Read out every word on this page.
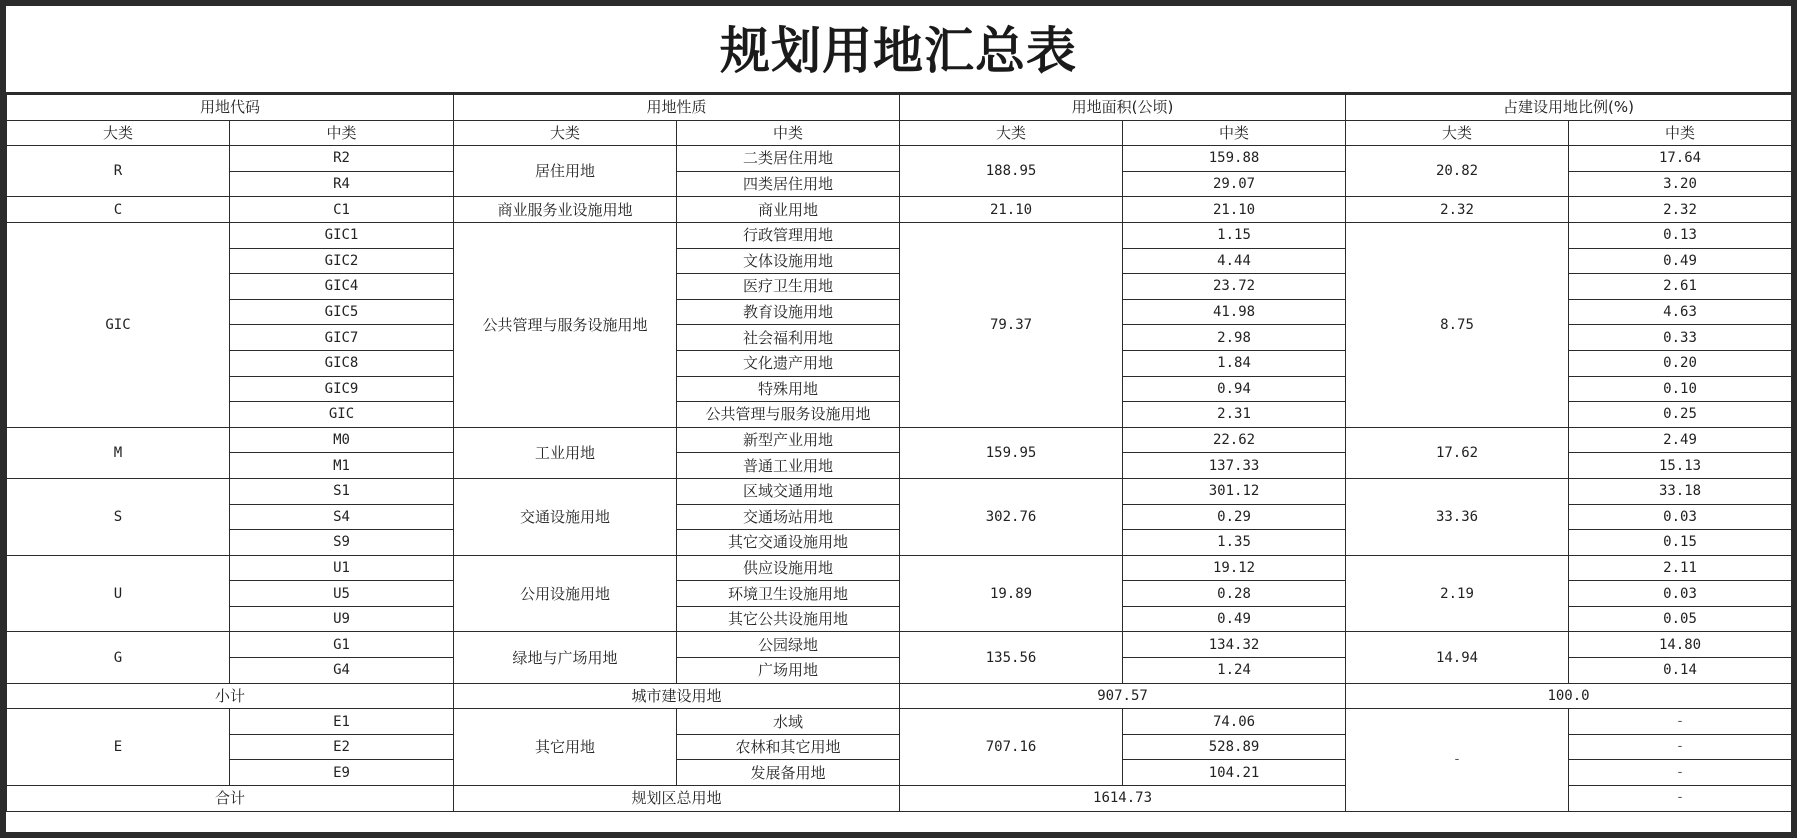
规划用地汇总表
用地代码		用地性质		用地面积(公顷)		占建设用地比例(%)	
大类	中类	大类	中类	大类	中类	大类	中类
R	R2	居住用地	二类居住用地	188.95	159.88	20.82	17.64
	R4		四类居住用地		29.07		3.20
C	C1	商业服务业设施用地	商业用地	21.10	21.10	2.32	2.32
GIC	GIC1	公共管理与服务设施用地	行政管理用地	79.37	1.15	8.75	0.13
	GIC2		文体设施用地		4.44		0.49
	GIC4		医疗卫生用地		23.72		2.61
	GIC5		教育设施用地		41.98		4.63
	GIC7		社会福利用地		2.98		0.33
	GIC8		文化遗产用地		1.84		0.20
	GIC9		特殊用地		0.94		0.10
	GIC		公共管理与服务设施用地		2.31		0.25
M	M0	工业用地	新型产业用地	159.95	22.62	17.62	2.49
	M1		普通工业用地		137.33		15.13
S	S1	交通设施用地	区域交通用地	302.76	301.12	33.36	33.18
	S4		交通场站用地		0.29		0.03
	S9		其它交通设施用地		1.35		0.15
U	U1	公用设施用地	供应设施用地	19.89	19.12	2.19	2.11
	U5		环境卫生设施用地		0.28		0.03
	U9		其它公共设施用地		0.49		0.05
G	G1	绿地与广场用地	公园绿地	135.56	134.32	14.94	14.80
	G4		广场用地		1.24		0.14
小计		城市建设用地		907.57		100.0	
E	E1	其它用地	水域	707.16	74.06	-	-
	E2		农林和其它用地		528.89		-
	E9		发展备用地		104.21		-
合计		规划区总用地		1614.73			-
